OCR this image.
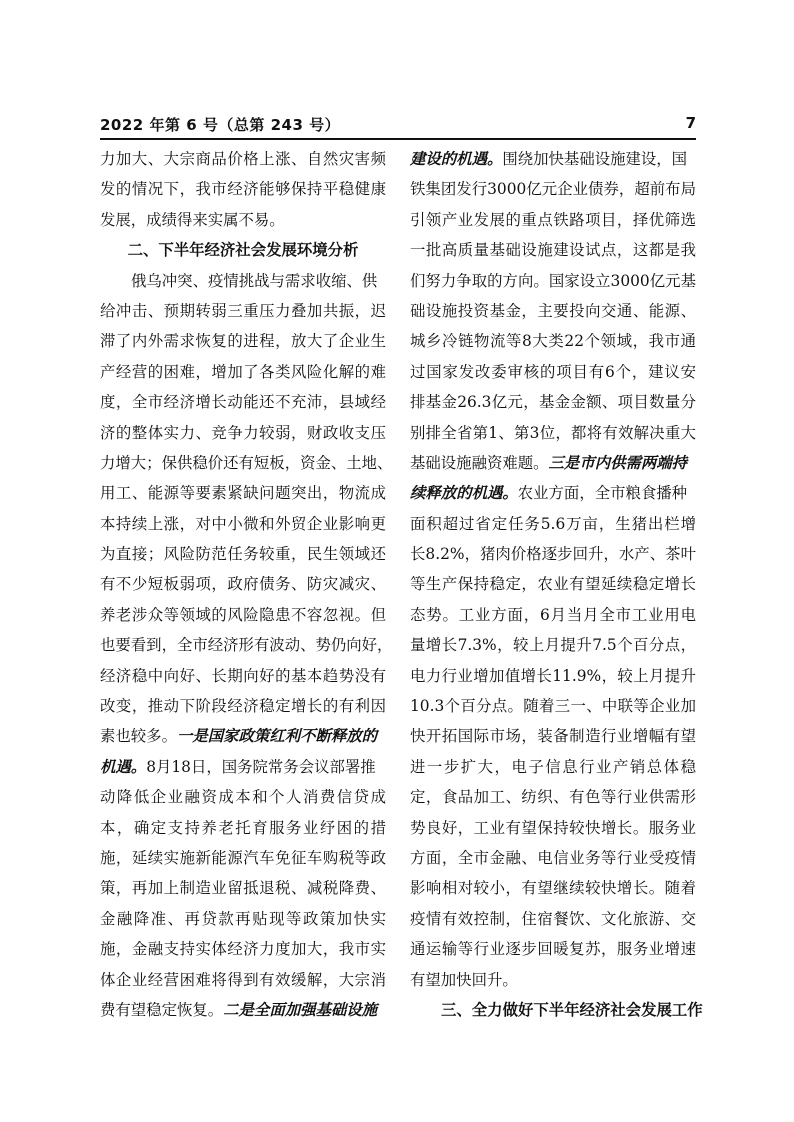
2022 年第 6 号（总第 243 号）	7
力加大、大宗商品价格上涨、自然灾害频
发的情况下，我市经济能够保持平稳健康
发展，成绩得来实属不易。
二、下半年经济社会发展环境分析
俄乌冲突、疫情挑战与需求收缩、供
给冲击、预期转弱三重压力叠加共振，迟
滞了内外需求恢复的进程，放大了企业生
产经营的困难，增加了各类风险化解的难
度，全市经济增长动能还不充沛，县域经
济的整体实力、竞争力较弱，财政收支压
力增大；保供稳价还有短板，资金、土地、
用工、能源等要素紧缺问题突出，物流成
本持续上涨，对中小微和外贸企业影响更
为直接；风险防范任务较重，民生领域还
有不少短板弱项，政府债务、防灾减灾、
养老涉众等领域的风险隐患不容忽视。但
也要看到，全市经济形有波动、势仍向好，
经济稳中向好、长期向好的基本趋势没有
改变，推动下阶段经济稳定增长的有利因
素也较多。一是国家政策红利不断释放的
机遇。8月18日，国务院常务会议部署推
动降低企业融资成本和个人消费信贷成
本，确定支持养老托育服务业纾困的措
施，延续实施新能源汽车免征车购税等政
策，再加上制造业留抵退税、减税降费、
金融降准、再贷款再贴现等政策加快实
施，金融支持实体经济力度加大，我市实
体企业经营困难将得到有效缓解，大宗消
费有望稳定恢复。二是全面加强基础设施
建设的机遇。围绕加快基础设施建设，国
铁集团发行3000亿元企业债券，超前布局
引领产业发展的重点铁路项目，择优筛选
一批高质量基础设施建设试点，这都是我
们努力争取的方向。国家设立3000亿元基
础设施投资基金，主要投向交通、能源、
城乡冷链物流等8大类22个领域，我市通
过国家发改委审核的项目有6个，建议安
排基金26.3亿元，基金金额、项目数量分
别排全省第1、第3位，都将有效解决重大
基础设施融资难题。三是市内供需两端持
续释放的机遇。农业方面，全市粮食播种
面积超过省定任务5.6万亩，生猪出栏增
长8.2%，猪肉价格逐步回升，水产、茶叶
等生产保持稳定，农业有望延续稳定增长
态势。工业方面，6月当月全市工业用电
量增长7.3%，较上月提升7.5个百分点，
电力行业增加值增长11.9%，较上月提升
10.3个百分点。随着三一、中联等企业加
快开拓国际市场，装备制造行业增幅有望
进一步扩大，电子信息行业产销总体稳
定，食品加工、纺织、有色等行业供需形
势良好，工业有望保持较快增长。服务业
方面，全市金融、电信业务等行业受疫情
影响相对较小，有望继续较快增长。随着
疫情有效控制，住宿餐饮、文化旅游、交
通运输等行业逐步回暖复苏，服务业增速
有望加快回升。
三、全力做好下半年经济社会发展工作
